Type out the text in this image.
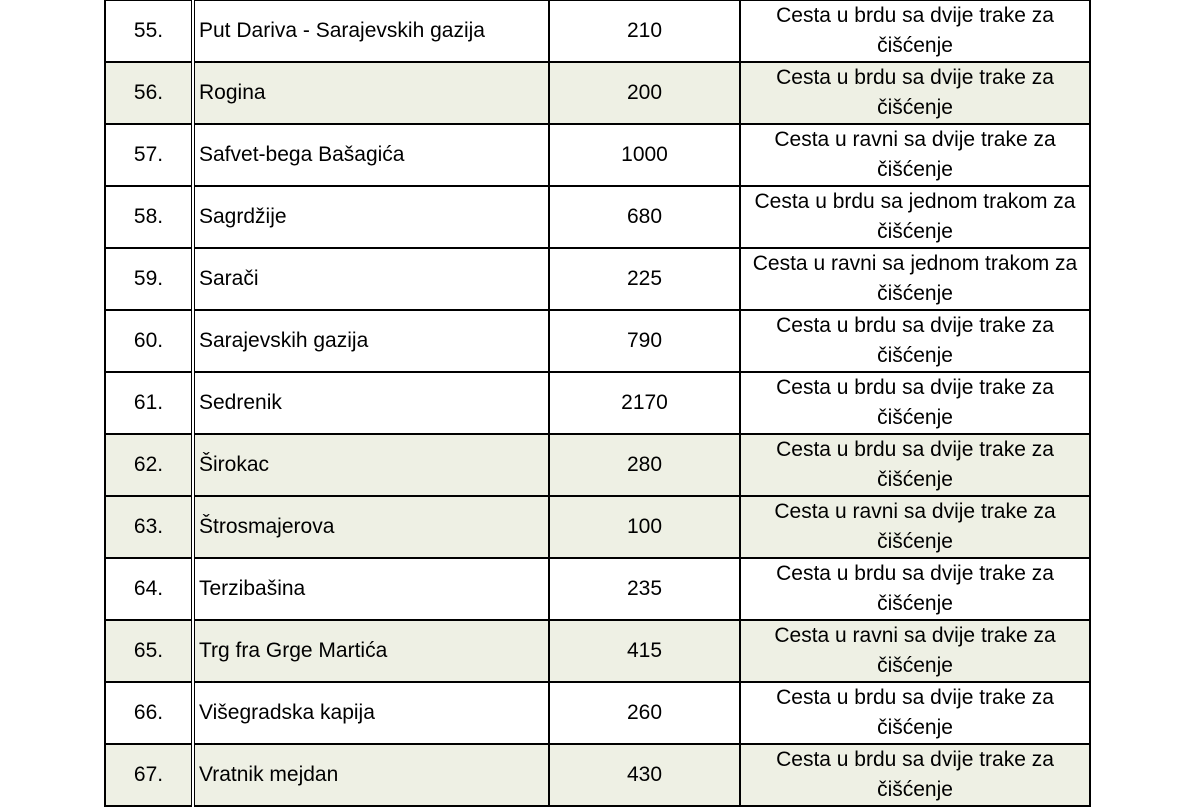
55.	Put Dariva - Sarajevskih gazija	210	Cesta u brdu sa dvije trake za čišćenje
56.	Rogina	200	Cesta u brdu sa dvije trake za čišćenje
57.	Safvet-bega Bašagića	1000	Cesta u ravni sa dvije trake za čišćenje
58.	Sagrdžije	680	Cesta u brdu sa jednom trakom za čišćenje
59.	Sarači	225	Cesta u ravni sa jednom trakom za čišćenje
60.	Sarajevskih gazija	790	Cesta u brdu sa dvije trake za čišćenje
61.	Sedrenik	2170	Cesta u brdu sa dvije trake za čišćenje
62.	Širokac	280	Cesta u brdu sa dvije trake za čišćenje
63.	Štrosmajerova	100	Cesta u ravni sa dvije trake za čišćenje
64.	Terzibašina	235	Cesta u brdu sa dvije trake za čišćenje
65.	Trg fra Grge Martića	415	Cesta u ravni sa dvije trake za čišćenje
66.	Višegradska kapija	260	Cesta u brdu sa dvije trake za čišćenje
67.	Vratnik mejdan	430	Cesta u brdu sa dvije trake za čišćenje
